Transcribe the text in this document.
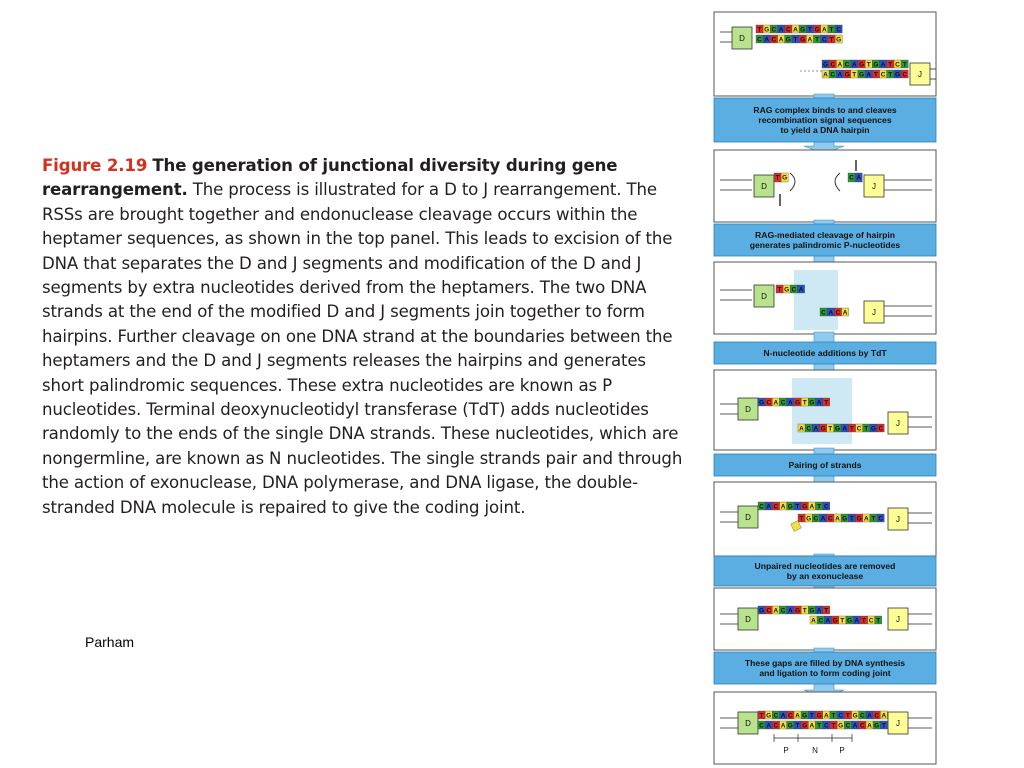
Figure 2.19 The generation of junctional diversity during gene rearrangement. The process is illustrated for a D to J rearrangement. The RSSs are brought together and endonuclease cleavage occurs within the heptamer sequences, as shown in the top panel. This leads to excision of the DNA that separates the D and J segments and modification of the D and J segments by extra nucleotides derived from the heptamers. The two DNA strands at the end of the modified D and J segments join together to form hairpins. Further cleavage on one DNA strand at the boundaries between the heptamers and the D and J segments releases the hairpins and generates short palindromic sequences. These extra nucleotides are known as P nucleotides. Terminal deoxynucleotidyl transferase (TdT) adds nucleotides randomly to the ends of the single DNA strands. These nucleotides, which are nongermline, are known as N nucleotides. The single strands pair and through the action of exonuclease, DNA polymerase, and DNA ligase, the double-stranded DNA molecule is repaired to give the coding joint.

Parham
D
T G C A C A G T G A T C
C A C A G T G A T C T G
G C A C A G T G A T C T
A C A G T G A T C T G C J
RAG complex binds to and cleaves
recombination signal sequences
to yield a DNA hairpin
D
T G	C A
J
RAG-mediated cleavage of hairpin
generates palindromic P-nucleotides
D
T G C A
C A C A	J
N-nucleotide additions by TdT
D
G C A C A G T G A T
A C A G T G A T C T G C
J
Pairing of strands
D
C A C A G T G A T C
T G C A C A G T G A T C J
Unpaired nucleotides are removed
by an exonuclease
D
G C A C A G T G A T
A C A G T G A T C T J
These gaps are filled by DNA synthesis
and ligation to form coding joint
D
T G C A C A G T G A T C T G C A C A
C A C A G T G A T C T G C A C A G T J
P	N	P
